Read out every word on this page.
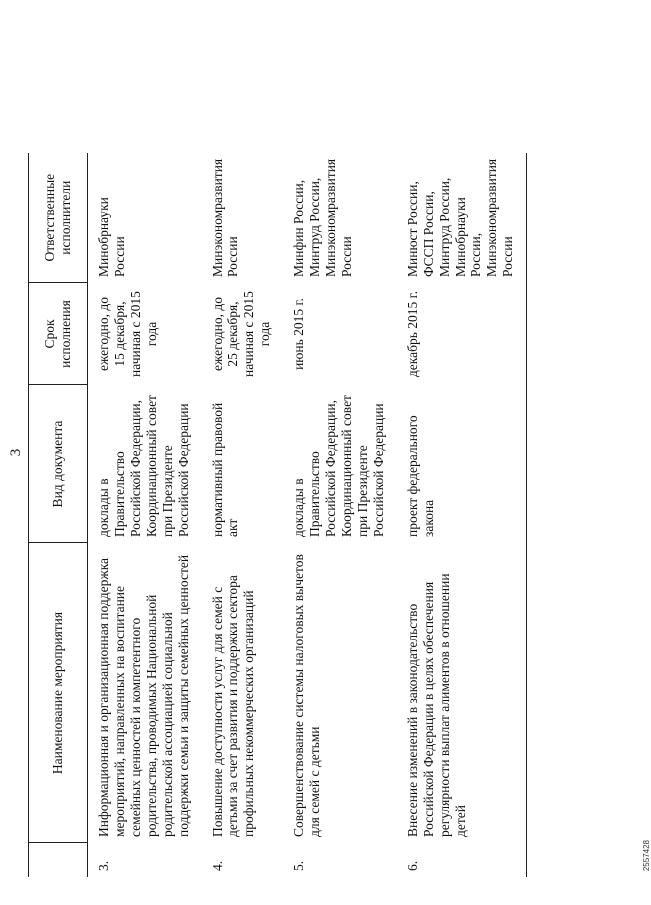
3
	Наименование мероприятия	Вид документа	Срок исполнения	Ответственные исполнители
3.	Информационная и организационная поддержка мероприятий, направленных на воспитание семейных ценностей и компетентного родительства, проводимых Национальной родительской ассоциацией социальной поддержки семьи и защиты семейных ценностей	доклады в Правительство Российской Федерации, Координационный совет при Президенте Российской Федерации	ежегодно, до 15 декабря, начиная с 2015 года	Минобрнауки России
4.	Повышение доступности услуг для семей с детьми за счет развития и поддержки сектора профильных некоммерческих организаций	нормативный правовой акт	ежегодно, до 25 декабря, начиная с 2015 года	Минэкономразвития России
5.	Совершенствование системы налоговых вычетов для семей с детьми	доклады в Правительство Российской Федерации, Координационный совет при Президенте Российской Федерации	июнь 2015 г.	Минфин России, Минтруд России, Минэкономразвития России
6.	Внесение изменений в законодательство Российской Федерации в целях обеспечения регулярности выплат алиментов в отношении детей	проект федерального закона	декабрь 2015 г.	Минюст России, ФССП России, Минтруд России, Минобрнауки России, Минэкономразвития России
2557428
